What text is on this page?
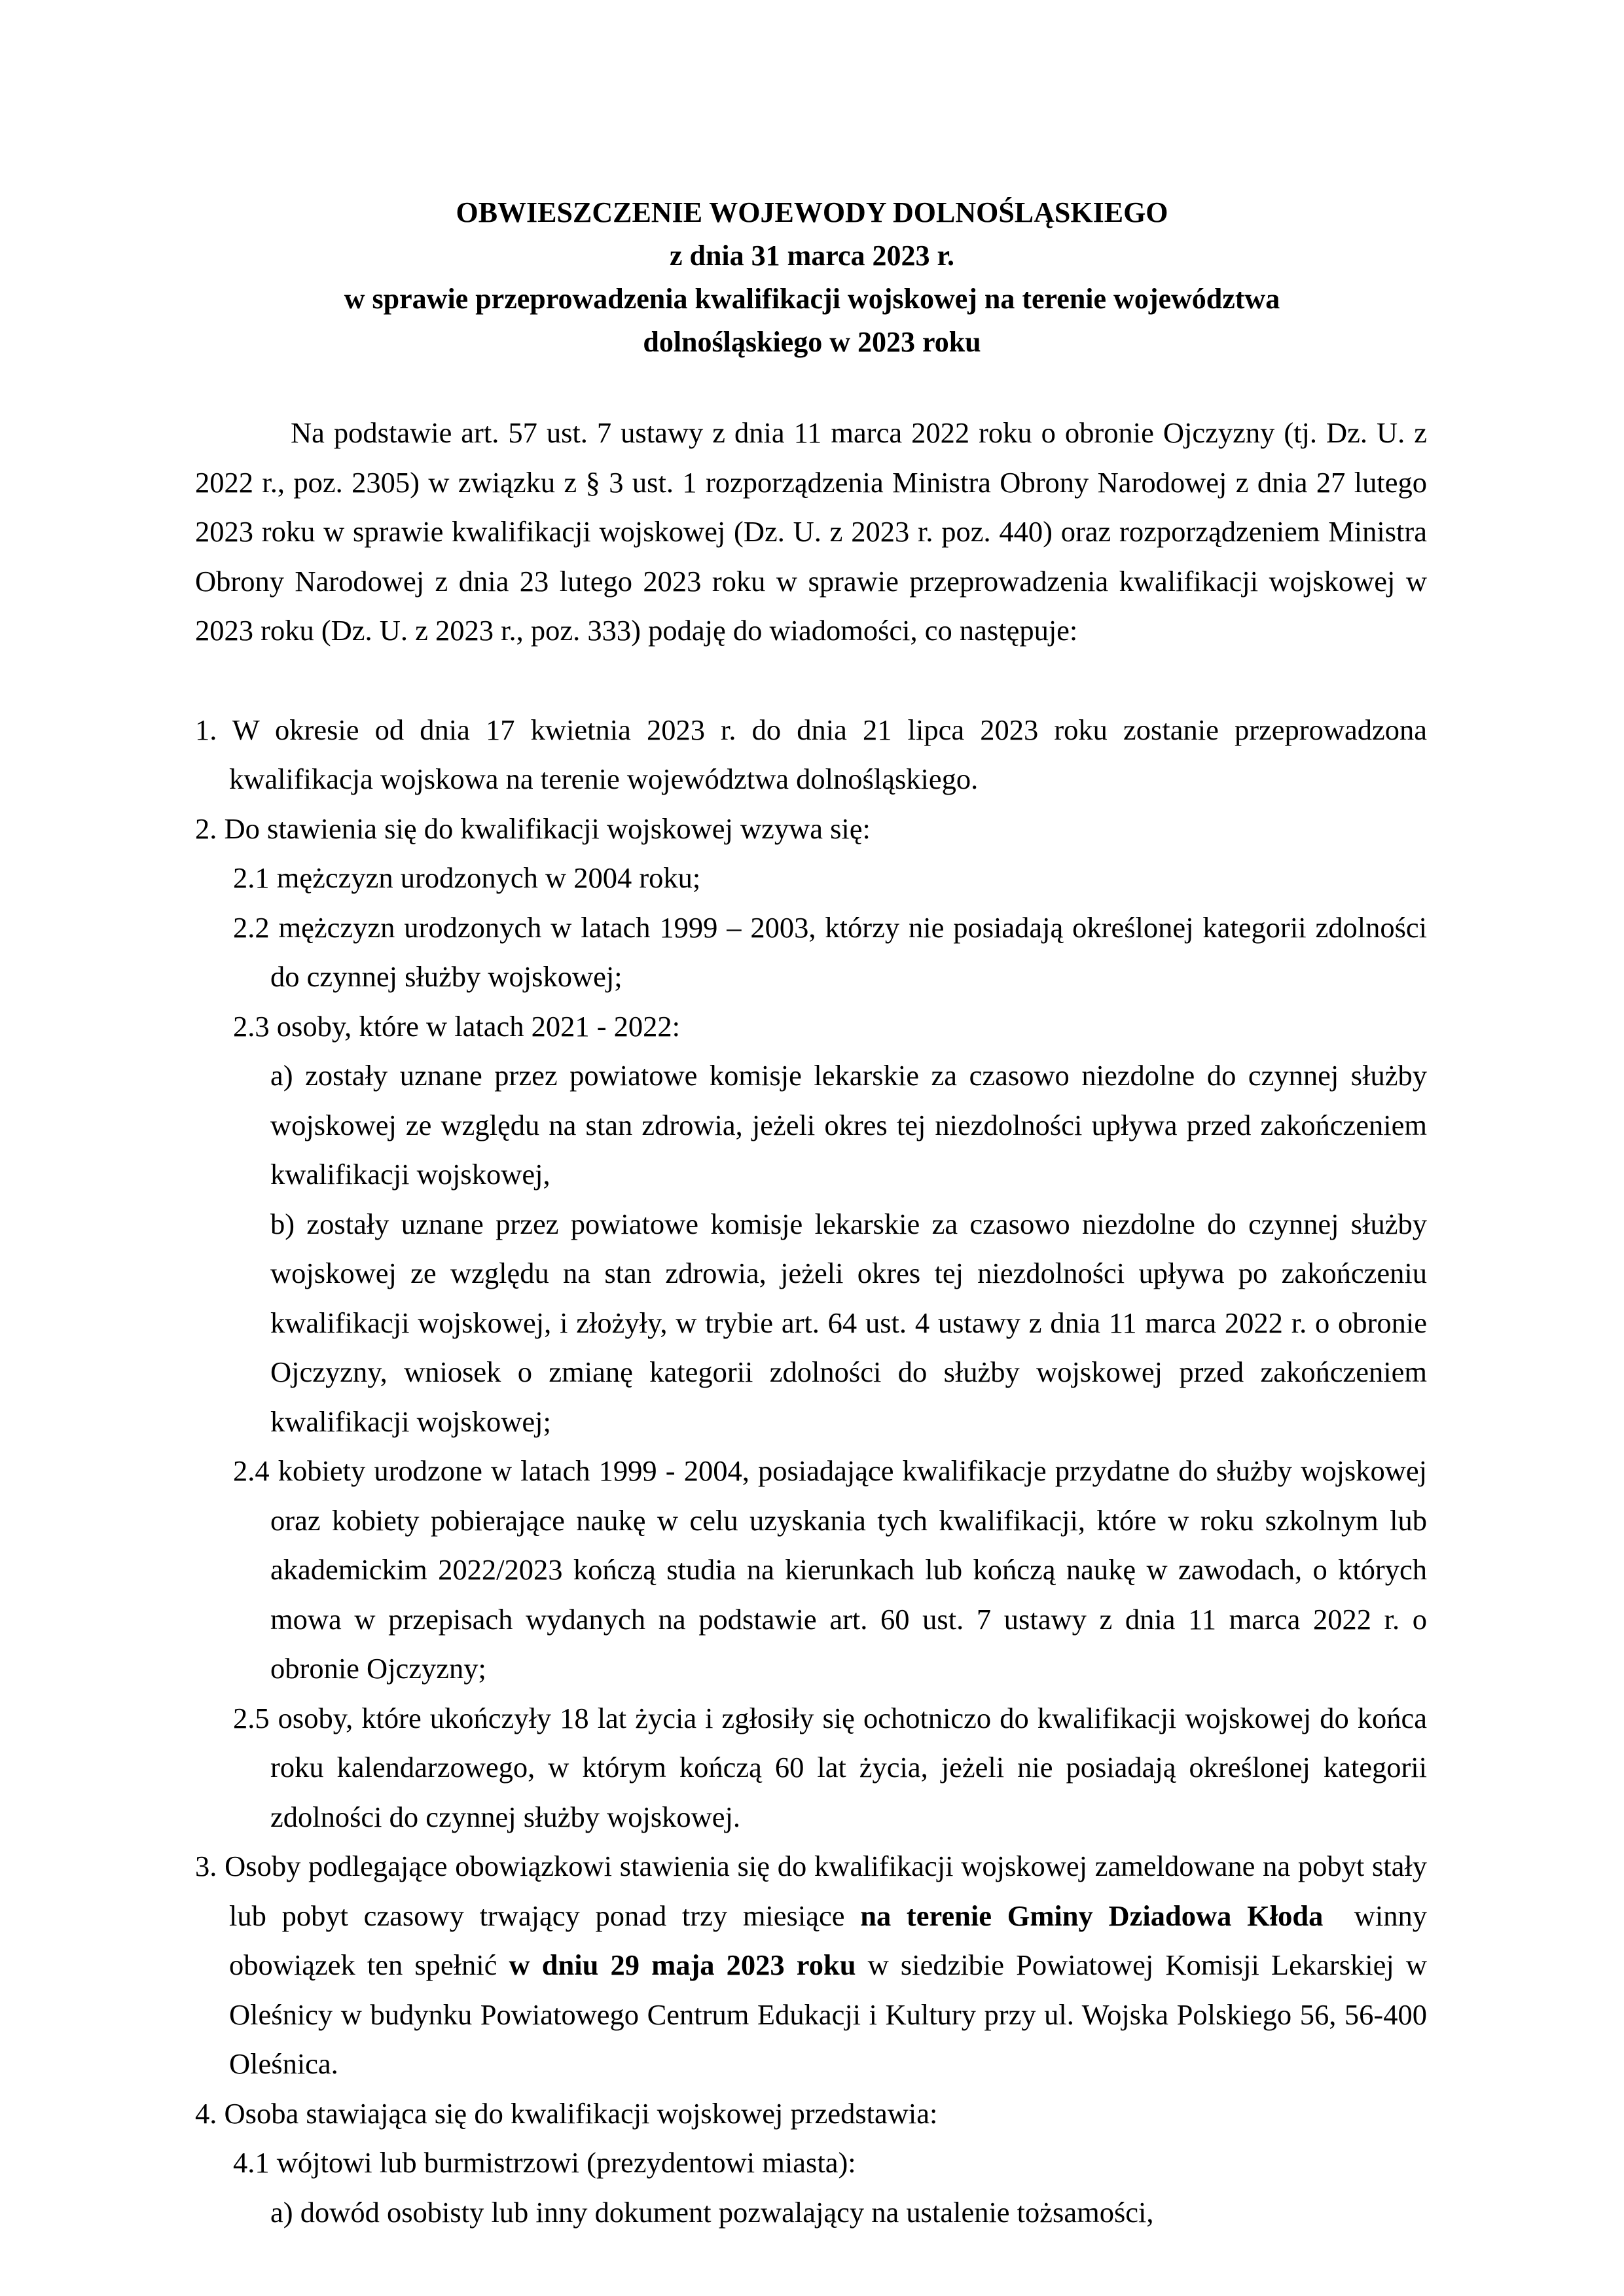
OBWIESZCZENIE WOJEWODY DOLNOŚLĄSKIEGO
z dnia 31 marca 2023 r.
w sprawie przeprowadzenia kwalifikacji wojskowej na terenie województwa
dolnośląskiego w 2023 roku

Na podstawie art. 57 ust. 7 ustawy z dnia 11 marca 2022 roku o obronie Ojczyzny (tj. Dz. U. z 2022 r., poz. 2305) w związku z § 3 ust. 1 rozporządzenia Ministra Obrony Narodowej z dnia 27 lutego 2023 roku w sprawie kwalifikacji wojskowej (Dz. U. z 2023 r. poz. 440) oraz rozporządzeniem Ministra Obrony Narodowej z dnia 23 lutego 2023 roku w sprawie przeprowadzenia kwalifikacji wojskowej w 2023 roku (Dz. U. z 2023 r., poz. 333) podaję do wiadomości, co następuje:

1. W okresie od dnia 17 kwietnia 2023 r. do dnia 21 lipca 2023 roku zostanie przeprowadzona kwalifikacja wojskowa na terenie województwa dolnośląskiego.

2. Do stawienia się do kwalifikacji wojskowej wzywa się:

2.1 mężczyzn urodzonych w 2004 roku;

2.2 mężczyzn urodzonych w latach 1999 – 2003, którzy nie posiadają określonej kategorii zdolności do czynnej służby wojskowej;

2.3 osoby, które w latach 2021 - 2022:

a) zostały uznane przez powiatowe komisje lekarskie za czasowo niezdolne do czynnej służby wojskowej ze względu na stan zdrowia, jeżeli okres tej niezdolności upływa przed zakończeniem kwalifikacji wojskowej,

b) zostały uznane przez powiatowe komisje lekarskie za czasowo niezdolne do czynnej służby wojskowej ze względu na stan zdrowia, jeżeli okres tej niezdolności upływa po zakończeniu kwalifikacji wojskowej, i złożyły, w trybie art. 64 ust. 4 ustawy z dnia 11 marca 2022 r. o obronie Ojczyzny, wniosek o zmianę kategorii zdolności do służby wojskowej przed zakończeniem kwalifikacji wojskowej;

2.4 kobiety urodzone w latach 1999 - 2004, posiadające kwalifikacje przydatne do służby wojskowej oraz kobiety pobierające naukę w celu uzyskania tych kwalifikacji, które w roku szkolnym lub akademickim 2022/2023 kończą studia na kierunkach lub kończą naukę w zawodach, o których mowa w przepisach wydanych na podstawie art. 60 ust. 7 ustawy z dnia 11 marca 2022 r. o obronie Ojczyzny;

2.5 osoby, które ukończyły 18 lat życia i zgłosiły się ochotniczo do kwalifikacji wojskowej do końca roku kalendarzowego, w którym kończą 60 lat życia, jeżeli nie posiadają określonej kategorii zdolności do czynnej służby wojskowej.

3. Osoby podlegające obowiązkowi stawienia się do kwalifikacji wojskowej zameldowane na pobyt stały lub pobyt czasowy trwający ponad trzy miesiące na terenie Gminy Dziadowa Kłoda  winny obowiązek ten spełnić w dniu 29 maja 2023 roku w siedzibie Powiatowej Komisji Lekarskiej w Oleśnicy w budynku Powiatowego Centrum Edukacji i Kultury przy ul. Wojska Polskiego 56, 56-400 Oleśnica.

4. Osoba stawiająca się do kwalifikacji wojskowej przedstawia:

4.1 wójtowi lub burmistrzowi (prezydentowi miasta):

a) dowód osobisty lub inny dokument pozwalający na ustalenie tożsamości,
